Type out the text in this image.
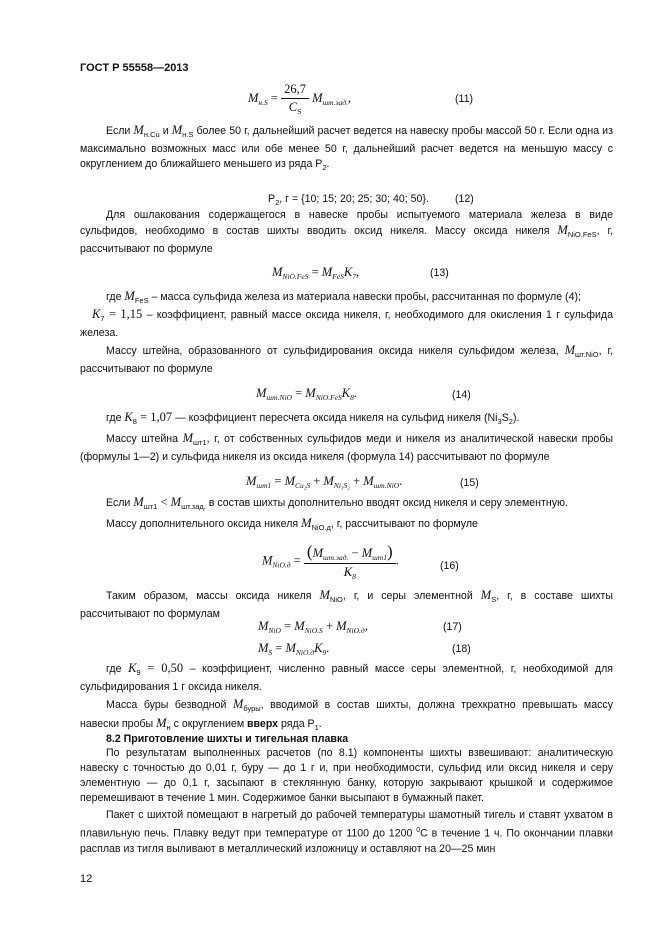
ГОСТ Р 55558—2013
$M_{н.S} = \frac{26,7}{C_S} M_{шт.зад.}$,	(11)
Если $M_{н.Cu}$ и $M_{н.S}$ более 50 г, дальнейший расчет ведется на навеску пробы массой 50 г. Если одна из максимально возможных масс или обе менее 50 г, дальнейший расчет ведется на меньшую массу с округлением до ближайшего меньшего из ряда $Р_2$.
$Р_2$, г = {10; 15; 20; 25; 30; 40; 50}. (12)
Для ошлакования содержащегося в навеске пробы испытуемого материала железа в виде сульфидов, необходимо в состав шихты вводить оксид никеля. Массу оксида никеля $M_{NiO.FeS}$, г, рассчитывают по формуле
$M_{NiO.FeS} = M_{FeS}K_7$,	(13)
где $M_{FeS}$ – масса сульфида железа из материала навески пробы, рассчитанная по формуле (4);
$K_7 = 1,15$ – коэффициент, равный массе оксида никеля, г, необходимого для окисления 1 г сульфида железа.
Массу штейна, образованного от сульфидирования оксида никеля сульфидом железа, $M_{шт.NiO}$, г, рассчитывают по формуле
$M_{шт.NiO} = M_{NiO.FeS}K_8$.	(14)
где $K_8 = 1,07$ — коэффициент пересчета оксида никеля на сульфид никеля $(Ni_3S_2)$.
Массу штейна $M_{шт1}$, г, от собственных сульфидов меди и никеля из аналитической навески пробы (формулы 1—2) и сульфида никеля из оксида никеля (формула 14) рассчитывают по формуле
$M_{шт1} = M_{Cu_2S} + M_{Ni_3S_2} + M_{шт.NiO}$.	(15)
Если $M_{шт1} < M_{шт.зад.}$ в состав шихты дополнительно вводят оксид никеля и серу элементную.
Массу дополнительного оксида никеля $M_{NiO.д}$, г, рассчитывают по формуле
$M_{NiO.д} = \frac{(M_{шт.зад.} - M_{шт1})}{K_8}$ .	(16)
Таким образом, массы оксида никеля $M_{NiO}$, г, и серы элементной $M_S$, г, в составе шихты рассчитывают по формулам
$M_{NiO} = M_{NiO.S} + M_{NiO.д}$,	(17)
$M_S = M_{NiO.д}K_9$.	(18)
где $K_9 = 0,50$ – коэффициент, численно равный массе серы элементной, г, необходимой для сульфидирования 1 г оксида никеля.
Масса буры безводной $M_{буры}$, вводимой в состав шихты, должна трехкратно превышать массу навески пробы $M_н$ с округлением вверх ряда $Р_1$.
8.2 Приготовление шихты и тигельная плавка
По результатам выполненных расчетов (по 8.1) компоненты шихты взвешивают: аналитическую навеску с точностью до 0,01 г, буру — до 1 г и, при необходимости, сульфид или оксид никеля и серу элементную — до 0,1 г, засыпают в стеклянную банку, которую закрывают крышкой и содержимое перемешивают в течение 1 мин. Содержимое банки высыпают в бумажный пакет.
Пакет с шихтой помещают в нагретый до рабочей температуры шамотный тигель и ставят ухватом в плавильную печь. Плавку ведут при температуре от 1100 до 1200 $^0$С в течение 1 ч. По окончании плавки расплав из тигля выливают в металлический изложницу и оставляют на 20—25 мин
12
